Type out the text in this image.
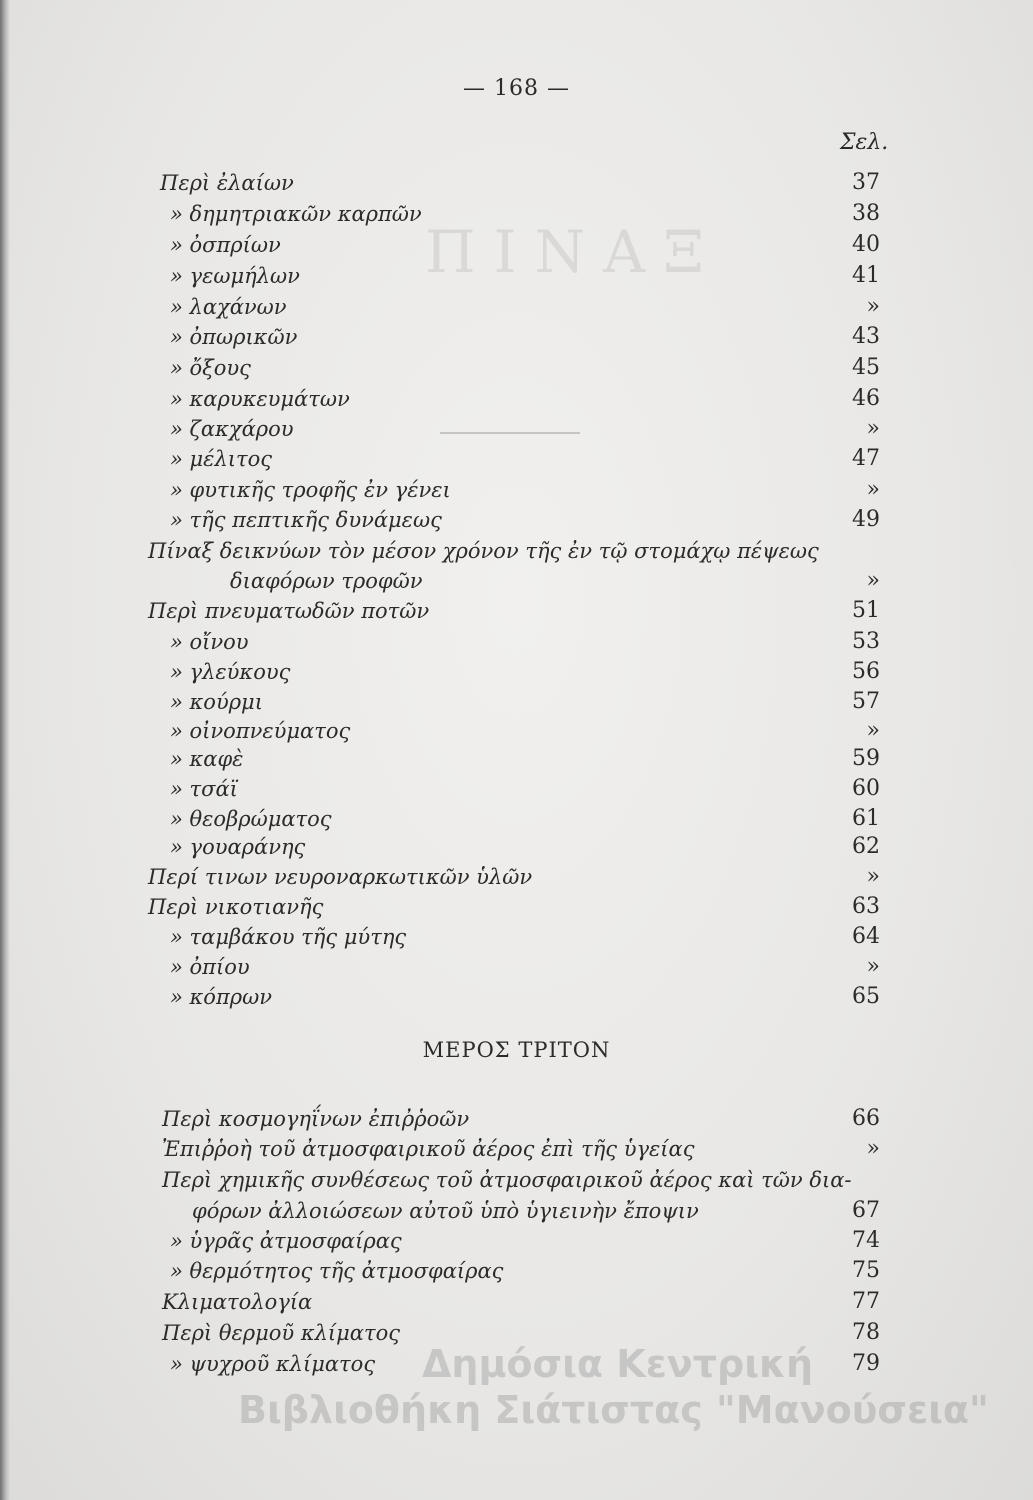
ΠΙΝΑΞ
— 168 —
Σελ.
Περὶ ἐλαίων	37
» δημητριακῶν καρπῶν	38
» ὀσπρίων	40
» γεωμήλων	41
» λαχάνων	»
» ὀπωρικῶν	43
» ὄξους	45
» καρυκευμάτων	46
» ζακχάρου	»
» μέλιτος	47
» φυτικῆς τροφῆς ἐν γένει	»
» τῆς πεπτικῆς δυνάμεως	49
Πίναξ δεικνύων τὸν μέσον χρόνον τῆς ἐν τῷ στομάχῳ πέψεως
διαφόρων τροφῶν	»
Περὶ πνευματωδῶν ποτῶν	51
» οἴνου	53
» γλεύκους	56
» κούρμι	57
» οἰνοπνεύματος	»
» καφὲ	59
» τσάϊ	60
» θεοβρώματος	61
» γουαράνης	62
Περί τινων νευροναρκωτικῶν ὑλῶν	»
Περὶ νικοτιανῆς	63
» ταμβάκου τῆς μύτης	64
» ὀπίου	»
» κόπρων	65
ΜΕΡΟΣ ΤΡΙΤΟΝ
Περὶ κοσμογηΐνων ἐπιῤῥοῶν	66
Ἐπιῤῥοὴ τοῦ ἀτμοσφαιρικοῦ ἀέρος ἐπὶ τῆς ὑγείας	»
Περὶ χημικῆς συνθέσεως τοῦ ἀτμοσφαιρικοῦ ἀέρος καὶ τῶν δια-
φόρων ἀλλοιώσεων αὐτοῦ ὑπὸ ὑγιεινὴν ἔποψιν	67
» ὑγρᾶς ἀτμοσφαίρας	74
» θερμότητος τῆς ἀτμοσφαίρας	75
Κλιματολογία	77
Περὶ θερμοῦ κλίματος	78
» ψυχροῦ κλίματος	79
Δημόσια Κεντρική
Βιβλιοθήκη Σιάτιστας "Μανούσεια"
